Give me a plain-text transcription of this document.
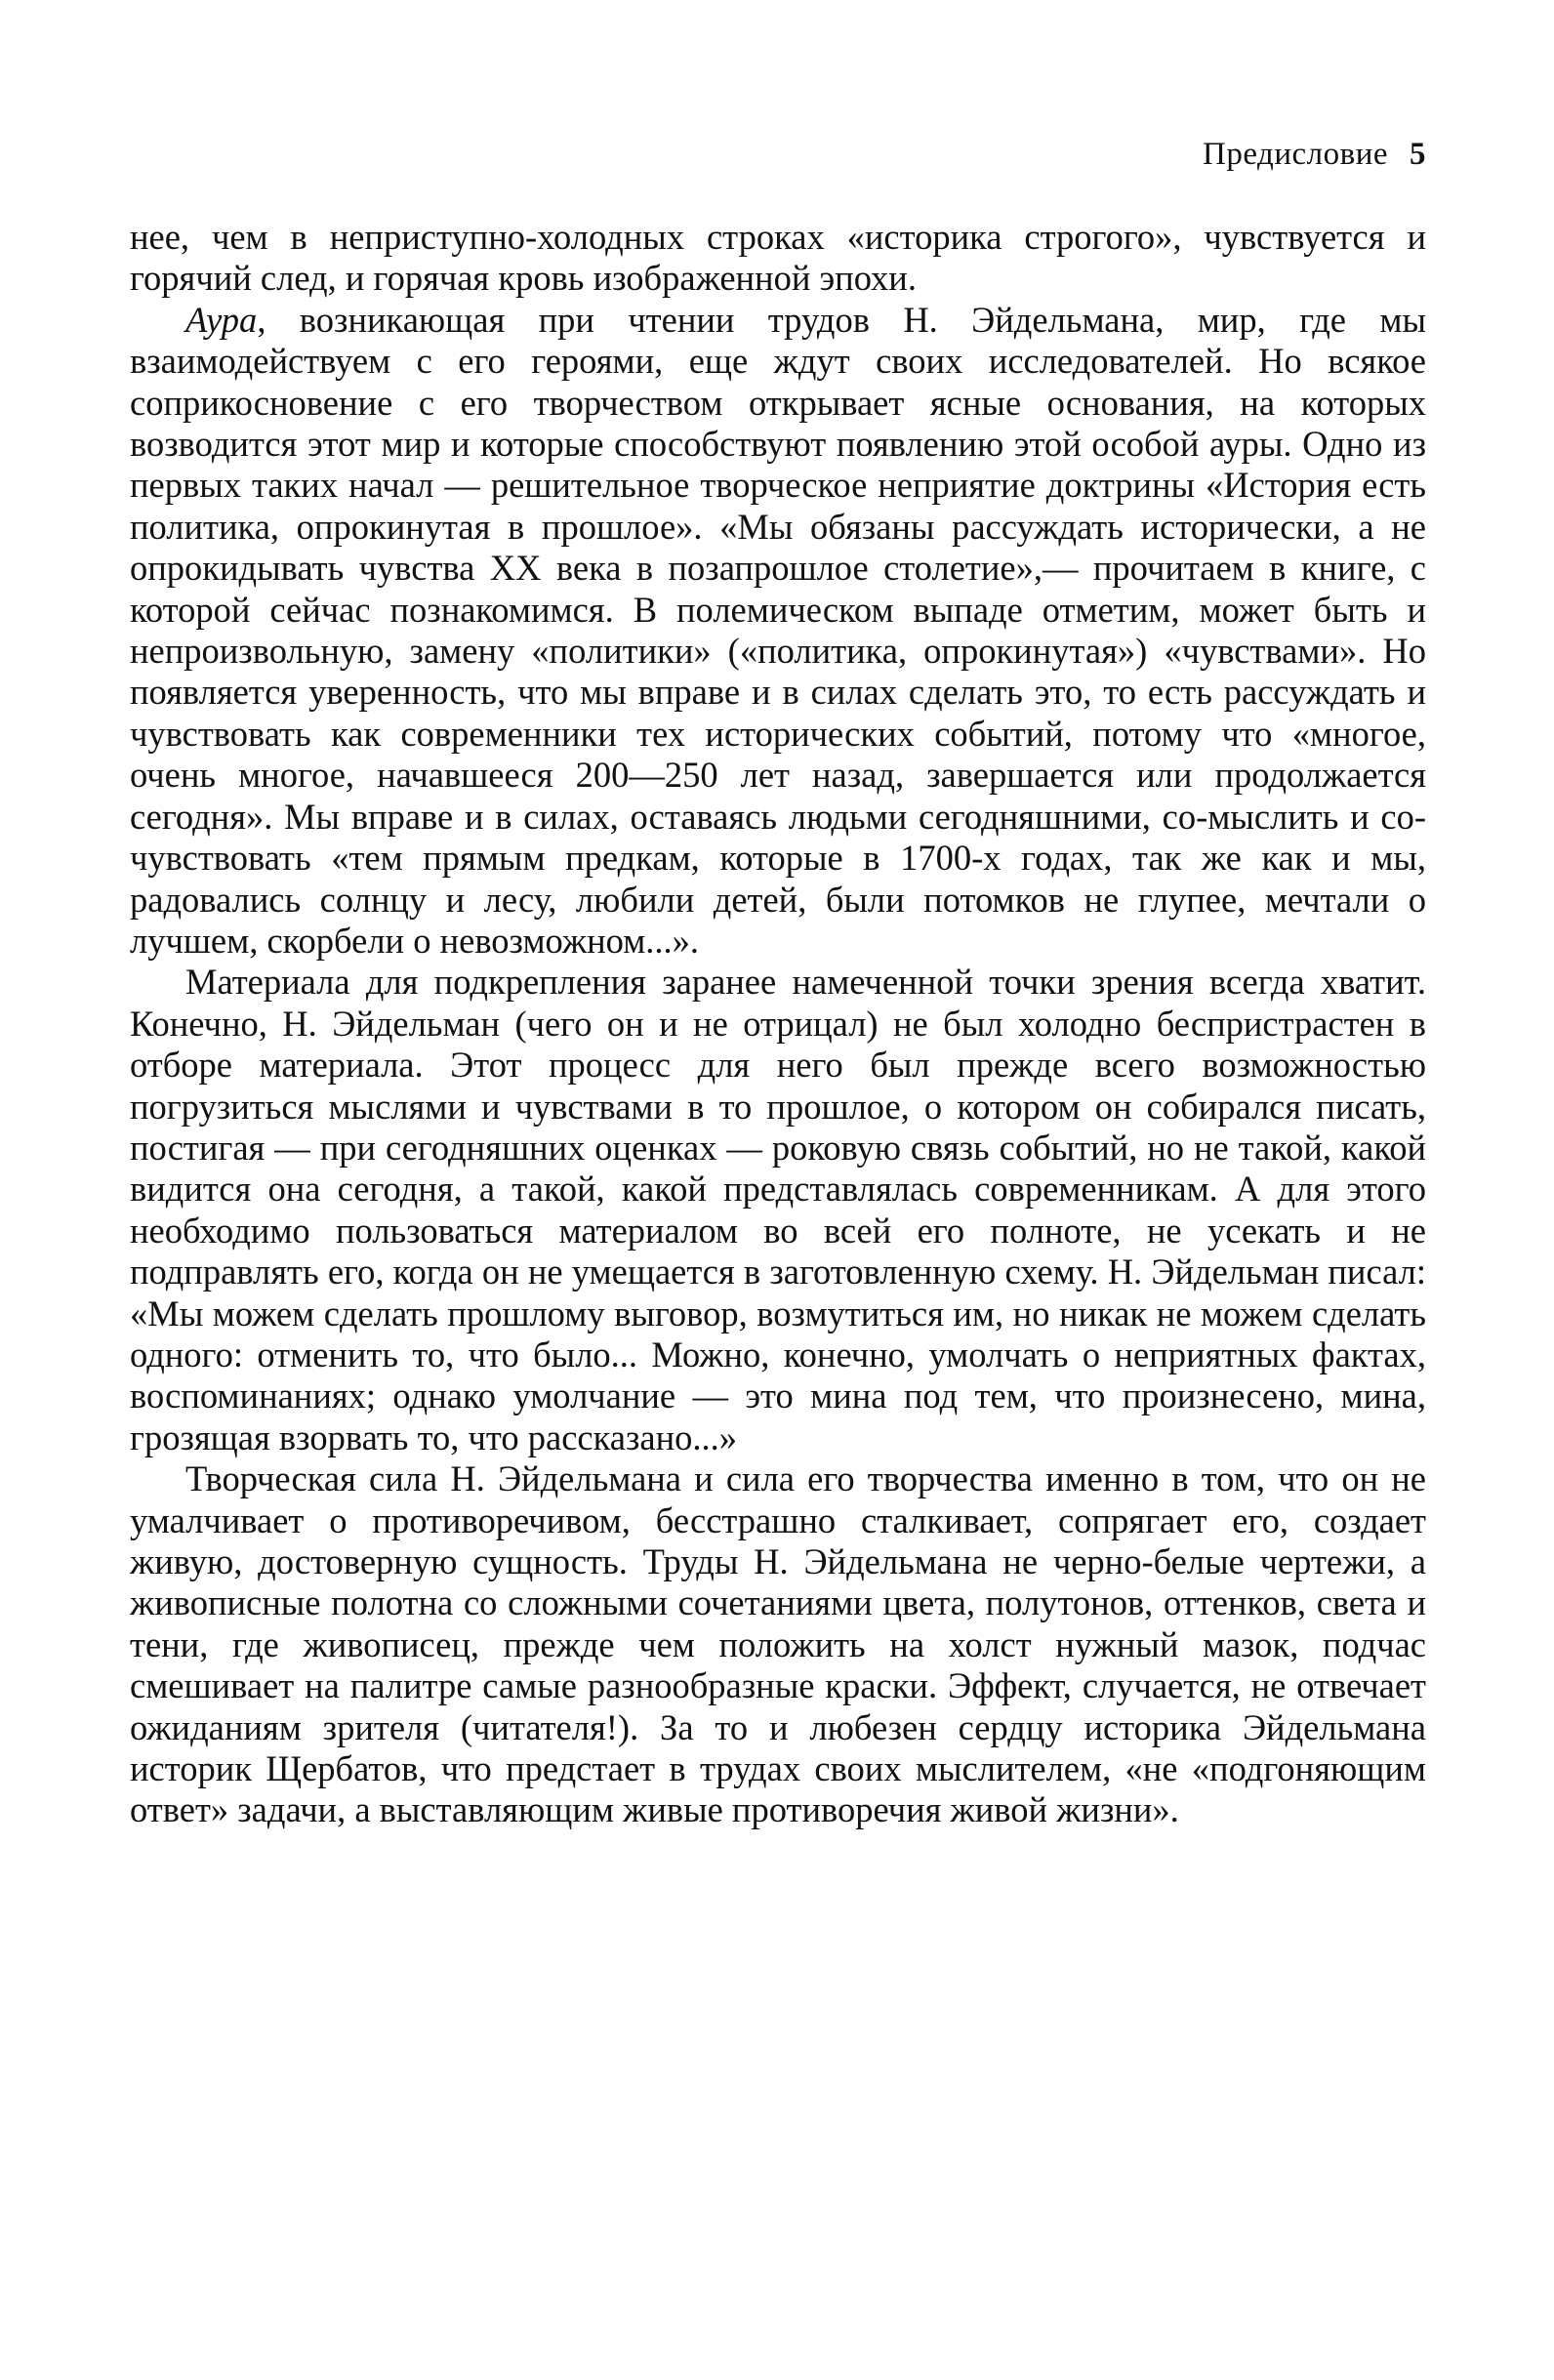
Предисловие 5

нее, чем в неприступно-холодных строках «историка строгого», чувствуется и горячий след, и горячая кровь изображенной эпохи.

Аура, возникающая при чтении трудов Н. Эйдельмана, мир, где мы взаимодействуем с его героями, еще ждут своих исследователей. Но всякое соприкосновение с его творчеством открывает ясные основания, на которых возводится этот мир и которые способствуют появлению этой особой ауры. Одно из первых таких начал — решительное творческое неприятие доктрины «История есть политика, опрокинутая в прошлое». «Мы обязаны рассуждать исторически, а не опрокидывать чувства XX века в позапрошлое столетие»,— прочитаем в книге, с которой сейчас познакомимся. В полемическом выпаде отметим, может быть и непроизвольную, замену «политики» («политика, опрокинутая») «чувствами». Но появляется уверенность, что мы вправе и в силах сделать это, то есть рассуждать и чувствовать как современники тех исторических событий, потому что «многое, очень многое, начавшееся 200—250 лет назад, завершается или продолжается сегодня». Мы вправе и в силах, оставаясь людьми сегодняшними, со-мыслить и со-чувствовать «тем прямым предкам, которые в 1700-х годах, так же как и мы, радовались солнцу и лесу, любили детей, были потомков не глупее, мечтали о лучшем, скорбели о невозможном...».

Материала для подкрепления заранее намеченной точки зрения всегда хватит. Конечно, Н. Эйдельман (чего он и не отрицал) не был холодно беспристрастен в отборе материала. Этот процесс для него был прежде всего возможностью погрузиться мыслями и чувствами в то прошлое, о котором он собирался писать, постигая — при сегодняшних оценках — роковую связь событий, но не такой, какой видится она сегодня, а такой, какой представлялась современникам. А для этого необходимо пользоваться материалом во всей его полноте, не усекать и не подправлять его, когда он не умещается в заготовленную схему. Н. Эйдельман писал: «Мы можем сделать прошлому выговор, возмутиться им, но никак не можем сделать одного: отменить то, что было... Можно, конечно, умолчать о неприятных фактах, воспоминаниях; однако умолчание — это мина под тем, что произнесено, мина, грозящая взорвать то, что рассказано...»

Творческая сила Н. Эйдельмана и сила его творчества именно в том, что он не умалчивает о противоречивом, бесстрашно сталкивает, сопрягает его, создает живую, достоверную сущность. Труды Н. Эйдельмана не черно-белые чертежи, а живописные полотна со сложными сочетаниями цвета, полутонов, оттенков, света и тени, где живописец, прежде чем положить на холст нужный мазок, подчас смешивает на палитре самые разнообразные краски. Эффект, случается, не отвечает ожиданиям зрителя (читателя!). За то и любезен сердцу историка Эйдельмана историк Щербатов, что предстает в трудах своих мыслителем, «не «подгоняющим ответ» задачи, а выставляющим живые противоречия живой жизни».
